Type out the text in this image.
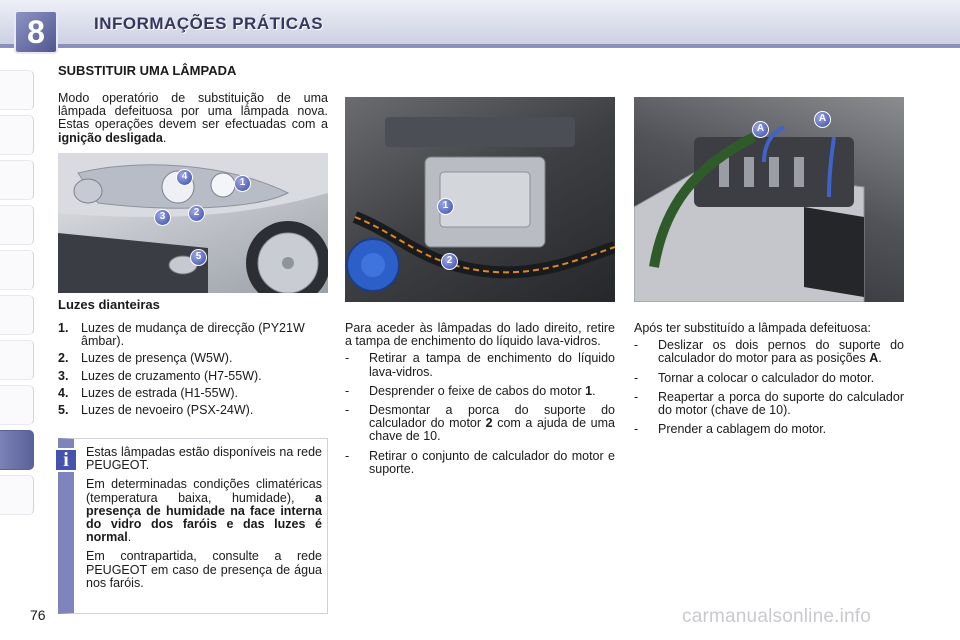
8	INFORMAÇÕES PRÁTICAS
SUBSTITUIR UMA LÂMPADA
Modo operatório de substituição de uma lâmpada defeituosa por uma lâmpada nova. Estas operações devem ser efectuadas com a ignição desligada.
4
1
2
3
5
Luzes dianteiras
1. Luzes de mudança de direcção (PY21W âmbar).
2. Luzes de presença (W5W).
3. Luzes de cruzamento (H7-55W).
4. Luzes de estrada (H1-55W).
5. Luzes de nevoeiro (PSX-24W).
i	Estas lâmpadas estão disponíveis na rede PEUGEOT.

Em determinadas condições climatéricas (temperatura baixa, humidade), a presença de humidade na face interna do vidro dos faróis e das luzes é normal.

Em contrapartida, consulte a rede PEUGEOT em caso de presença de água nos faróis.

1
2
A
A

Para aceder às lâmpadas do lado direito, retire a tampa de enchimento do líquido lava-vidros.

- Retirar a tampa de enchimento do líquido lava-vidros.
- Desprender o feixe de cabos do motor 1.
- Desmontar a porca do suporte do calculador do motor 2 com a ajuda de uma chave de 10.
- Retirar o conjunto de calculador do motor e suporte.

Após ter substituído a lâmpada defeituosa:

- Deslizar os dois pernos do suporte do calculador do motor para as posições A.
- Tornar a colocar o calculador do motor.
- Reapertar a porca do suporte do calculador do motor (chave de 10).
- Prender a cablagem do motor.
76	carmanualsonline.info
